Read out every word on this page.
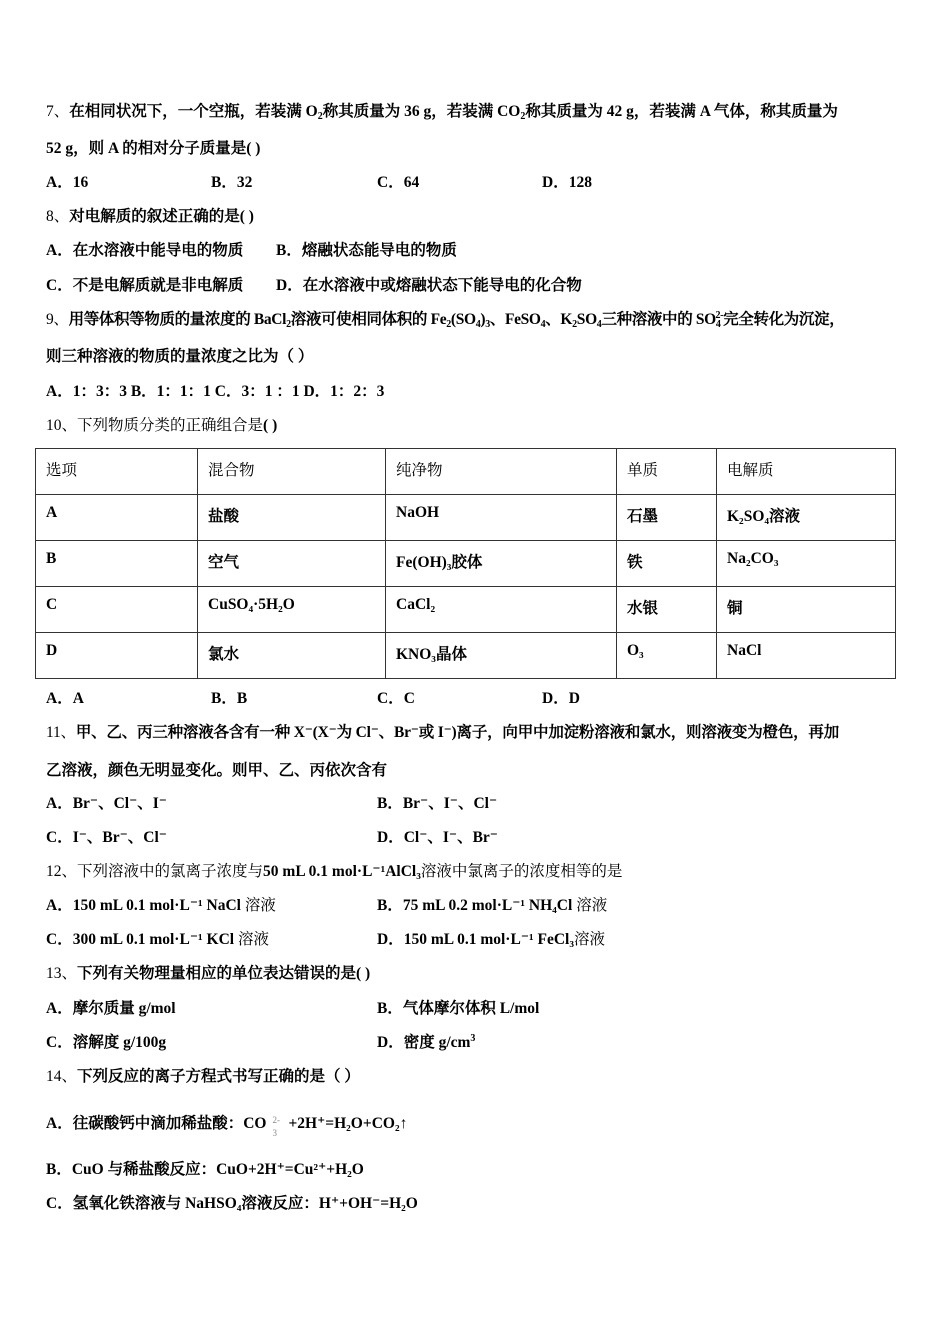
7、在相同状况下，一个空瓶，若装满 $O_2$称其质量为 36 g，若装满 $CO_2$称其质量为 42 g，若装满 A 气体，称其质量为
52 g，则 A 的相对分子质量是( )
A．16	B．32	C．64	D．128
8、对电解质的叙述正确的是( )
A．在水溶液中能导电的物质 B．熔融状态能导电的物质
C．不是电解质就是非电解质 D．在水溶液中或熔融状态下能导电的化合物
9、用等体积等物质的量浓度的 BaCl$_2$溶液可使相同体积的 $Fe_2(SO_4)_3$、FeSO$_4$、$K_2SO_4$三种溶液中的 $SO_4^{2-}$完全转化为沉淀，
则三种溶液的物质的量浓度之比为（ ）
A．1：3：3 B．1：1：1 C．3：1 ：1 D．1：2：3
10、下列物质分类的正确组合是( )
选项	混合物	纯净物	单质	电解质
A	盐酸	NaOH	石墨	K₂SO₄溶液
B	空气	Fe(OH)₃胶体	铁	Na₂CO₃
C	CuSO₄·5H₂O	CaCl₂	水银	铜
D	氯水	KNO₃晶体	O₃	NaCl
A．A	B．B	C．C	D．D
11、甲、乙、丙三种溶液各含有一种 X⁻(X⁻为 Cl⁻、Br⁻或 I⁻)离子，向甲中加淀粉溶液和氯水，则溶液变为橙色，再加
乙溶液，颜色无明显变化。则甲、乙、丙依次含有
A．Br⁻、Cl⁻、I⁻	B．Br⁻、I⁻、Cl⁻
C．I⁻、Br⁻、Cl⁻	D．Cl⁻、I⁻、Br⁻
12、下列溶液中的氯离子浓度与50 mL 0.1 mol·L⁻¹AlCl₃溶液中氯离子的浓度相等的是
A．150 mL 0.1 mol·L⁻¹ NaCl 溶液	B．75 mL 0.2 mol·L⁻¹ NH₄Cl 溶液
C．300 mL 0.1 mol·L⁻¹ KCl 溶液	D．150 mL 0.1 mol·L⁻¹ FeCl₃溶液
13、下列有关物理量相应的单位表达错误的是( )
A．摩尔质量 g/mol	B．气体摩尔体积 L/mol
C．溶解度 g/100g	D．密度 $g/cm^3$
14、下列反应的离子方程式书写正确的是（ ）
A．往碳酸钙中滴加稀盐酸：CO 2-
3
+2H⁺=H₂O+CO₂↑
B．CuO 与稀盐酸反应：CuO+2H⁺=Cu²⁺+H₂O
C．氢氧化铁溶液与 NaHSO₄溶液反应：H⁺+OH⁻=H₂O
